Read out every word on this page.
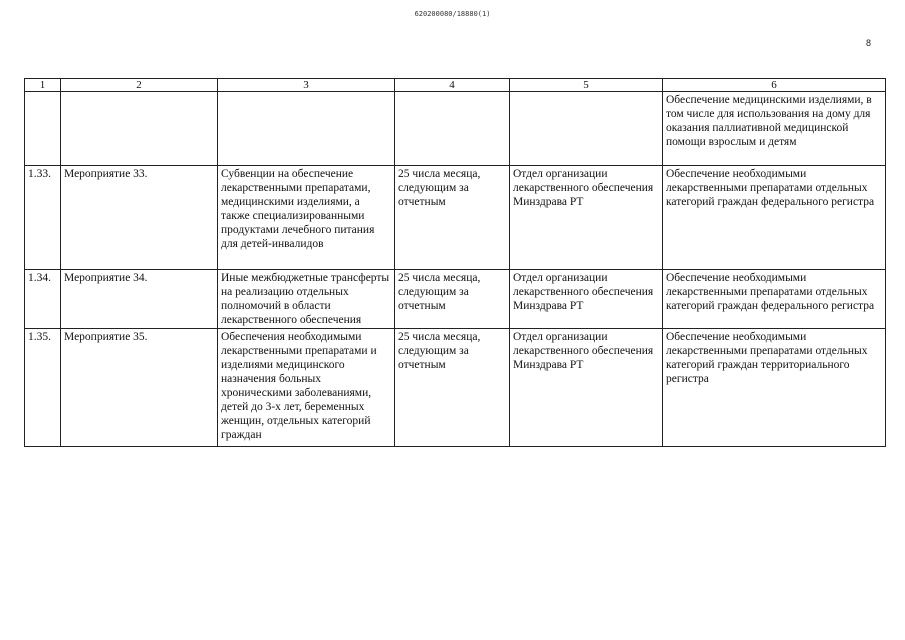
620200080/18880(1)
8
1	2	3	4	5	6
					Обеспечение медицинскими изделиями, в том числе для использования на дому для оказания паллиативной медицинской помощи взрослым и детям
1.33.	Мероприятие 33.	Субвенции на обеспечение лекарственными препаратами, медицинскими изделиями, а также специализированными продуктами лечебного питания для детей-инвалидов	25 числа месяца, следующим за отчетным	Отдел организации лекарственного обеспечения Минздрава РТ	Обеспечение необходимыми лекарственными препаратами отдельных категорий граждан федерального регистра
1.34.	Мероприятие 34.	Иные межбюджетные трансферты на реализацию отдельных полномочий в области лекарственного обеспечения	25 числа месяца, следующим за отчетным	Отдел организации лекарственного обеспечения Минздрава РТ	Обеспечение необходимыми лекарственными препаратами отдельных категорий граждан федерального регистра
1.35.	Мероприятие 35.	Обеспечения необходимыми лекарственными препаратами и изделиями медицинского назначения больных хроническими заболеваниями, детей до 3-х лет, беременных женщин, отдельных категорий граждан	25 числа месяца, следующим за отчетным	Отдел организации лекарственного обеспечения Минздрава РТ	Обеспечение необходимыми лекарственными препаратами отдельных категорий граждан территориального регистра
